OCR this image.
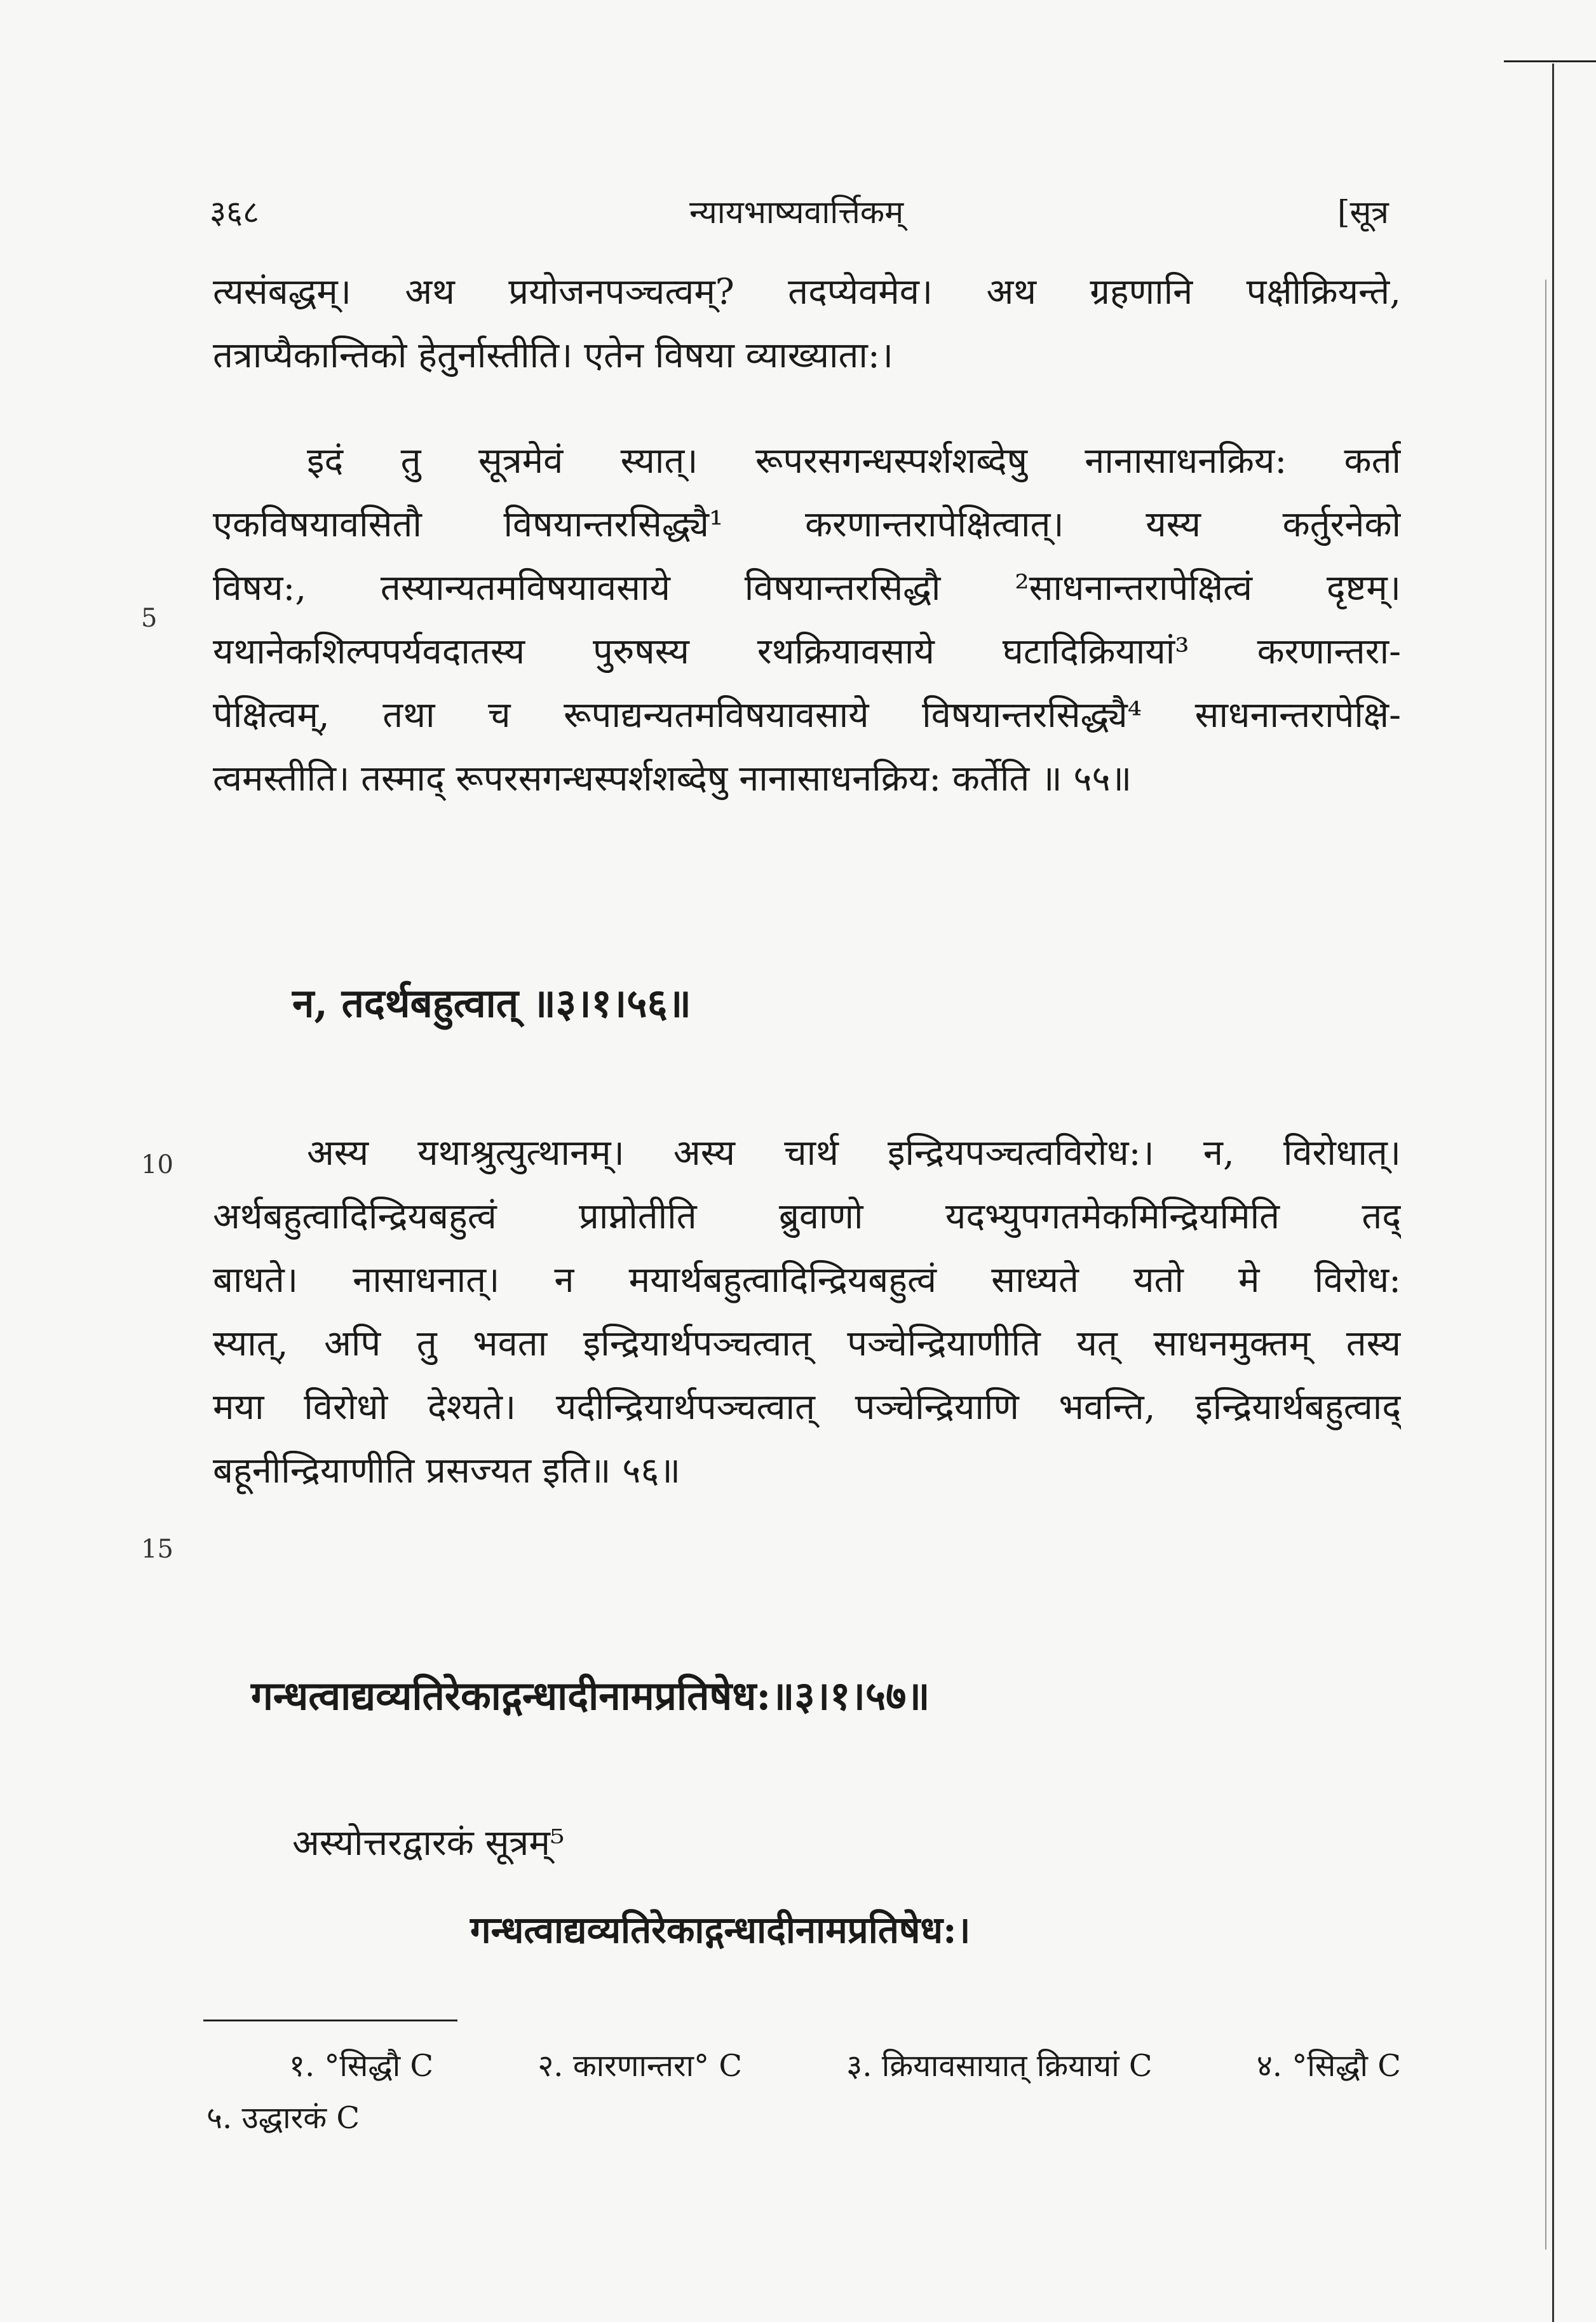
३६८	न्यायभाष्यवार्त्तिकम्	[सूत्र
त्यसंबद्धम्। अथ प्रयोजनपञ्चत्वम्? तदप्येवमेव। अथ ग्रहणानि पक्षीक्रियन्ते,
तत्राप्यैकान्तिको हेतुर्नास्तीति। एतेन विषया व्याख्याता:।
इदं तु सूत्रमेवं स्यात्। रूपरसगन्धस्पर्शशब्देषु नानासाधनक्रिय: कर्ता
एकविषयावसितौ विषयान्तरसिद्ध्यै¹ करणान्तरापेक्षित्वात्। यस्य कर्तुरनेको
विषय:, तस्यान्यतमविषयावसाये विषयान्तरसिद्धौ ²साधनान्तरापेक्षित्वं दृष्टम्।
यथानेकशिल्पपर्यवदातस्य पुरुषस्य रथक्रियावसाये घटादिक्रियायां³ करणान्तरा-
पेक्षित्वम्, तथा च रूपाद्यन्यतमविषयावसाये विषयान्तरसिद्ध्यै⁴ साधनान्तरापेक्षि-
त्वमस्तीति। तस्माद् रूपरसगन्धस्पर्शशब्देषु नानासाधनक्रिय: कर्तेति ॥ ५५॥
5
न, तदर्थबहुत्वात् ॥३।१।५६॥
अस्य यथाश्रुत्युत्थानम्। अस्य चार्थ इन्द्रियपञ्चत्वविरोध:। न, विरोधात्।
अर्थबहुत्वादिन्द्रियबहुत्वं प्राप्नोतीति ब्रुवाणो यदभ्युपगतमेकमिन्द्रियमिति तद्
बाधते। नासाधनात्। न मयार्थबहुत्वादिन्द्रियबहुत्वं साध्यते यतो मे विरोध:
स्यात्, अपि तु भवता इन्द्रियार्थपञ्चत्वात् पञ्चेन्द्रियाणीति यत् साधनमुक्तम् तस्य
मया विरोधो देश्यते। यदीन्द्रियार्थपञ्चत्वात् पञ्चेन्द्रियाणि भवन्ति, इन्द्रियार्थबहुत्वाद्
बहूनीन्द्रियाणीति प्रसज्यत इति॥ ५६॥
10
15
गन्धत्वाद्यव्यतिरेकाद्गन्धादीनामप्रतिषेध:॥३।१।५७॥
अस्योत्तरद्वारकं सूत्रम्⁵
गन्धत्वाद्यव्यतिरेकाद्गन्धादीनामप्रतिषेध:।
१. °सिद्धौ C	२. कारणान्तरा° C	३. क्रियावसायात् क्रियायां C	४. °सिद्धौ C
५. उद्धारकं C
